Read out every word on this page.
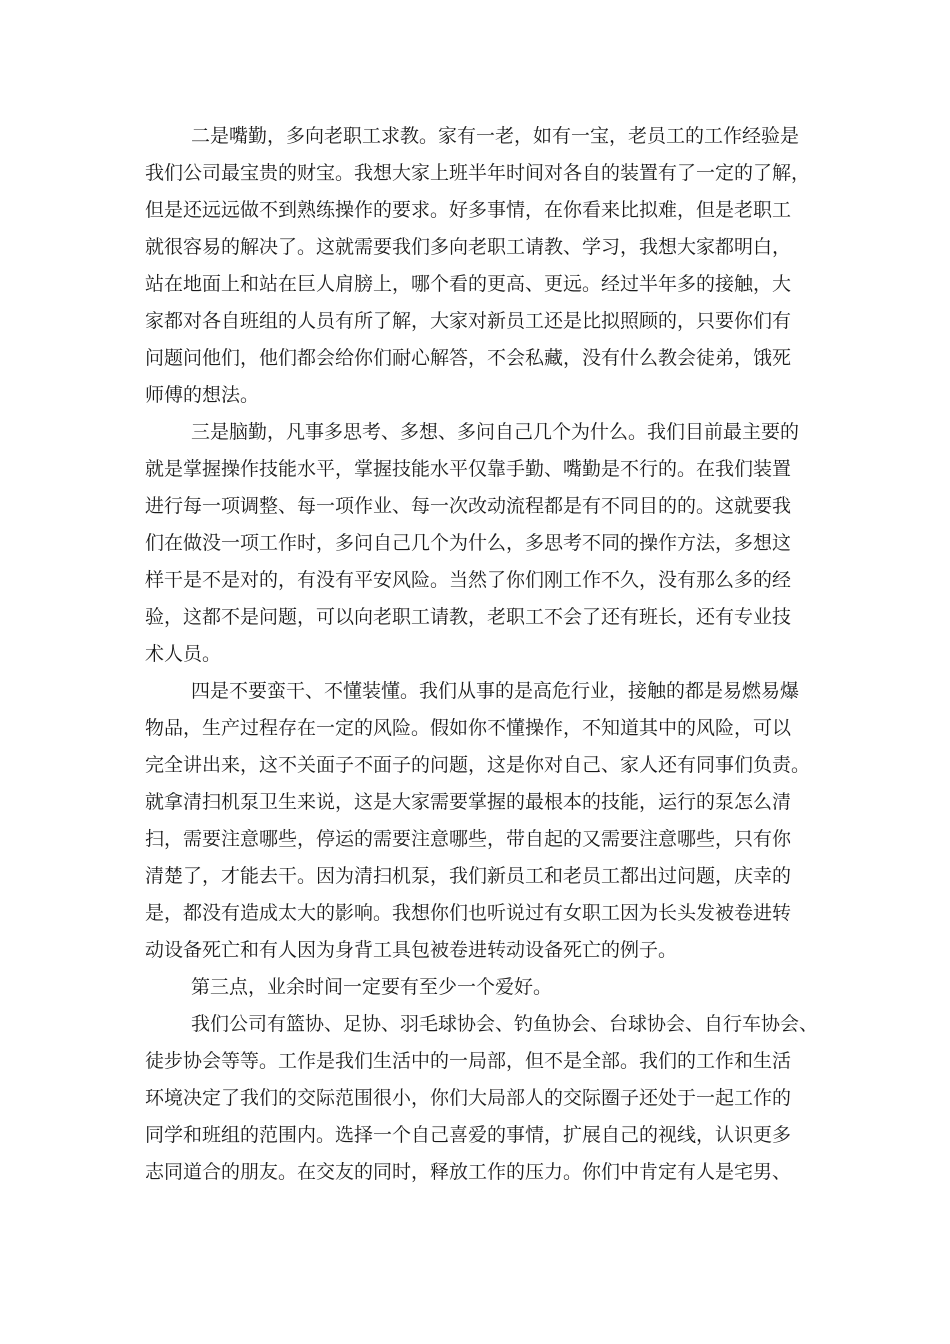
二是嘴勤，多向老职工求教。家有一老，如有一宝，老员工的工作经验是
我们公司最宝贵的财宝。我想大家上班半年时间对各自的装置有了一定的了解，
但是还远远做不到熟练操作的要求。好多事情，在你看来比拟难，但是老职工
就很容易的解决了。这就需要我们多向老职工请教、学习，我想大家都明白，
站在地面上和站在巨人肩膀上，哪个看的更高、更远。经过半年多的接触，大
家都对各自班组的人员有所了解，大家对新员工还是比拟照顾的，只要你们有
问题问他们，他们都会给你们耐心解答，不会私藏，没有什么教会徒弟，饿死
师傅的想法。
三是脑勤，凡事多思考、多想、多问自己几个为什么。我们目前最主要的
就是掌握操作技能水平，掌握技能水平仅靠手勤、嘴勤是不行的。在我们装置
进行每一项调整、每一项作业、每一次改动流程都是有不同目的的。这就要我
们在做没一项工作时，多问自己几个为什么，多思考不同的操作方法，多想这
样干是不是对的，有没有平安风险。当然了你们刚工作不久，没有那么多的经
验，这都不是问题，可以向老职工请教，老职工不会了还有班长，还有专业技
术人员。
四是不要蛮干、不懂装懂。我们从事的是高危行业，接触的都是易燃易爆
物品，生产过程存在一定的风险。假如你不懂操作，不知道其中的风险，可以
完全讲出来，这不关面子不面子的问题，这是你对自己、家人还有同事们负责。
就拿清扫机泵卫生来说，这是大家需要掌握的最根本的技能，运行的泵怎么清
扫，需要注意哪些，停运的需要注意哪些，带自起的又需要注意哪些，只有你
清楚了，才能去干。因为清扫机泵，我们新员工和老员工都出过问题，庆幸的
是，都没有造成太大的影响。我想你们也听说过有女职工因为长头发被卷进转
动设备死亡和有人因为身背工具包被卷进转动设备死亡的例子。
第三点，业余时间一定要有至少一个爱好。
我们公司有篮协、足协、羽毛球协会、钓鱼协会、台球协会、自行车协会、
徒步协会等等。工作是我们生活中的一局部，但不是全部。我们的工作和生活
环境决定了我们的交际范围很小，你们大局部人的交际圈子还处于一起工作的
同学和班组的范围内。选择一个自己喜爱的事情，扩展自己的视线，认识更多
志同道合的朋友。在交友的同时，释放工作的压力。你们中肯定有人是宅男、
